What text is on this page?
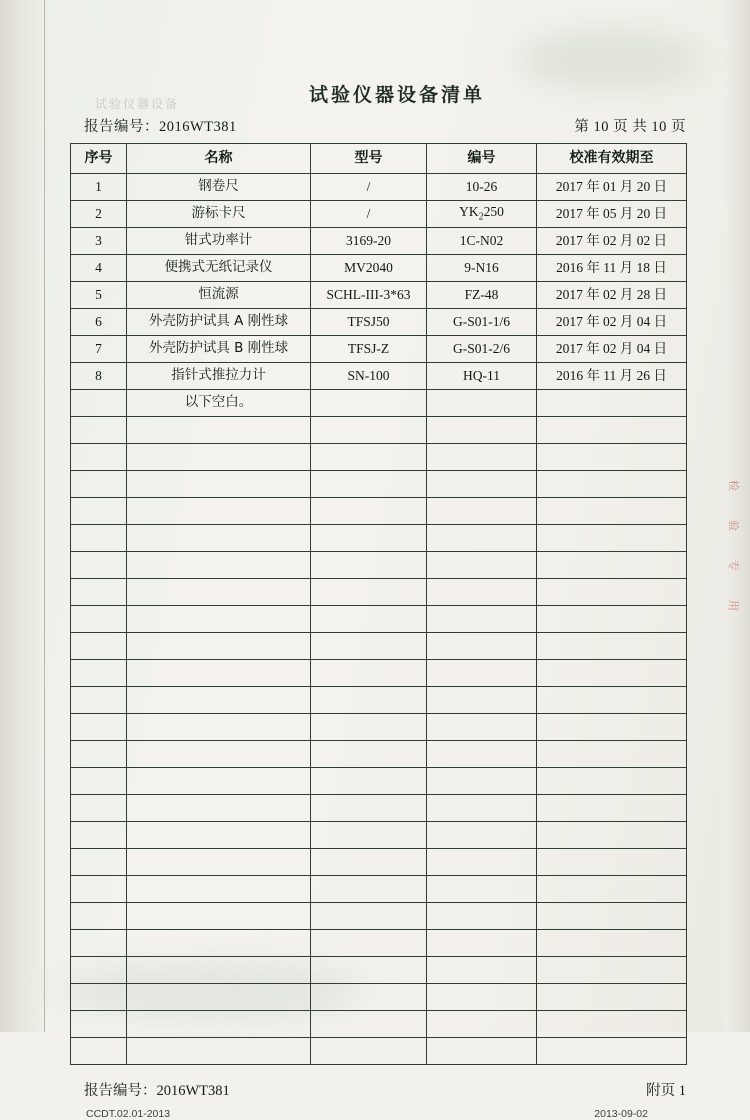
试验仪器设备
检
验
专
用
试验仪器设备清单
报告编号：2016WT381	第 10 页 共 10 页
序号	名称	型号	编号	校准有效期至
1	钢卷尺	/	10-26	2017 年 01 月 20 日
2	游标卡尺	/	$YK_2250$	2017 年 05 月 20 日
3	钳式功率计	3169-20	1C-N02	2017 年 02 月 02 日
4	便携式无纸记录仪	MV2040	9-N16	2016 年 11 月 18 日
5	恒流源	SCHL-III-3*63	FZ-48	2017 年 02 月 28 日
6	外壳防护试具 A 刚性球	TFSJ50	G-S01-1/6	2017 年 02 月 04 日
7	外壳防护试具 B 刚性球	TFSJ-Z	G-S01-2/6	2017 年 02 月 04 日
8	指针式推拉力计	SN-100	HQ-11	2016 年 11 月 26 日
	以下空白。			

报告编号：2016WT381	附页 1
CCDT.02.01-2013	2013-09-02
